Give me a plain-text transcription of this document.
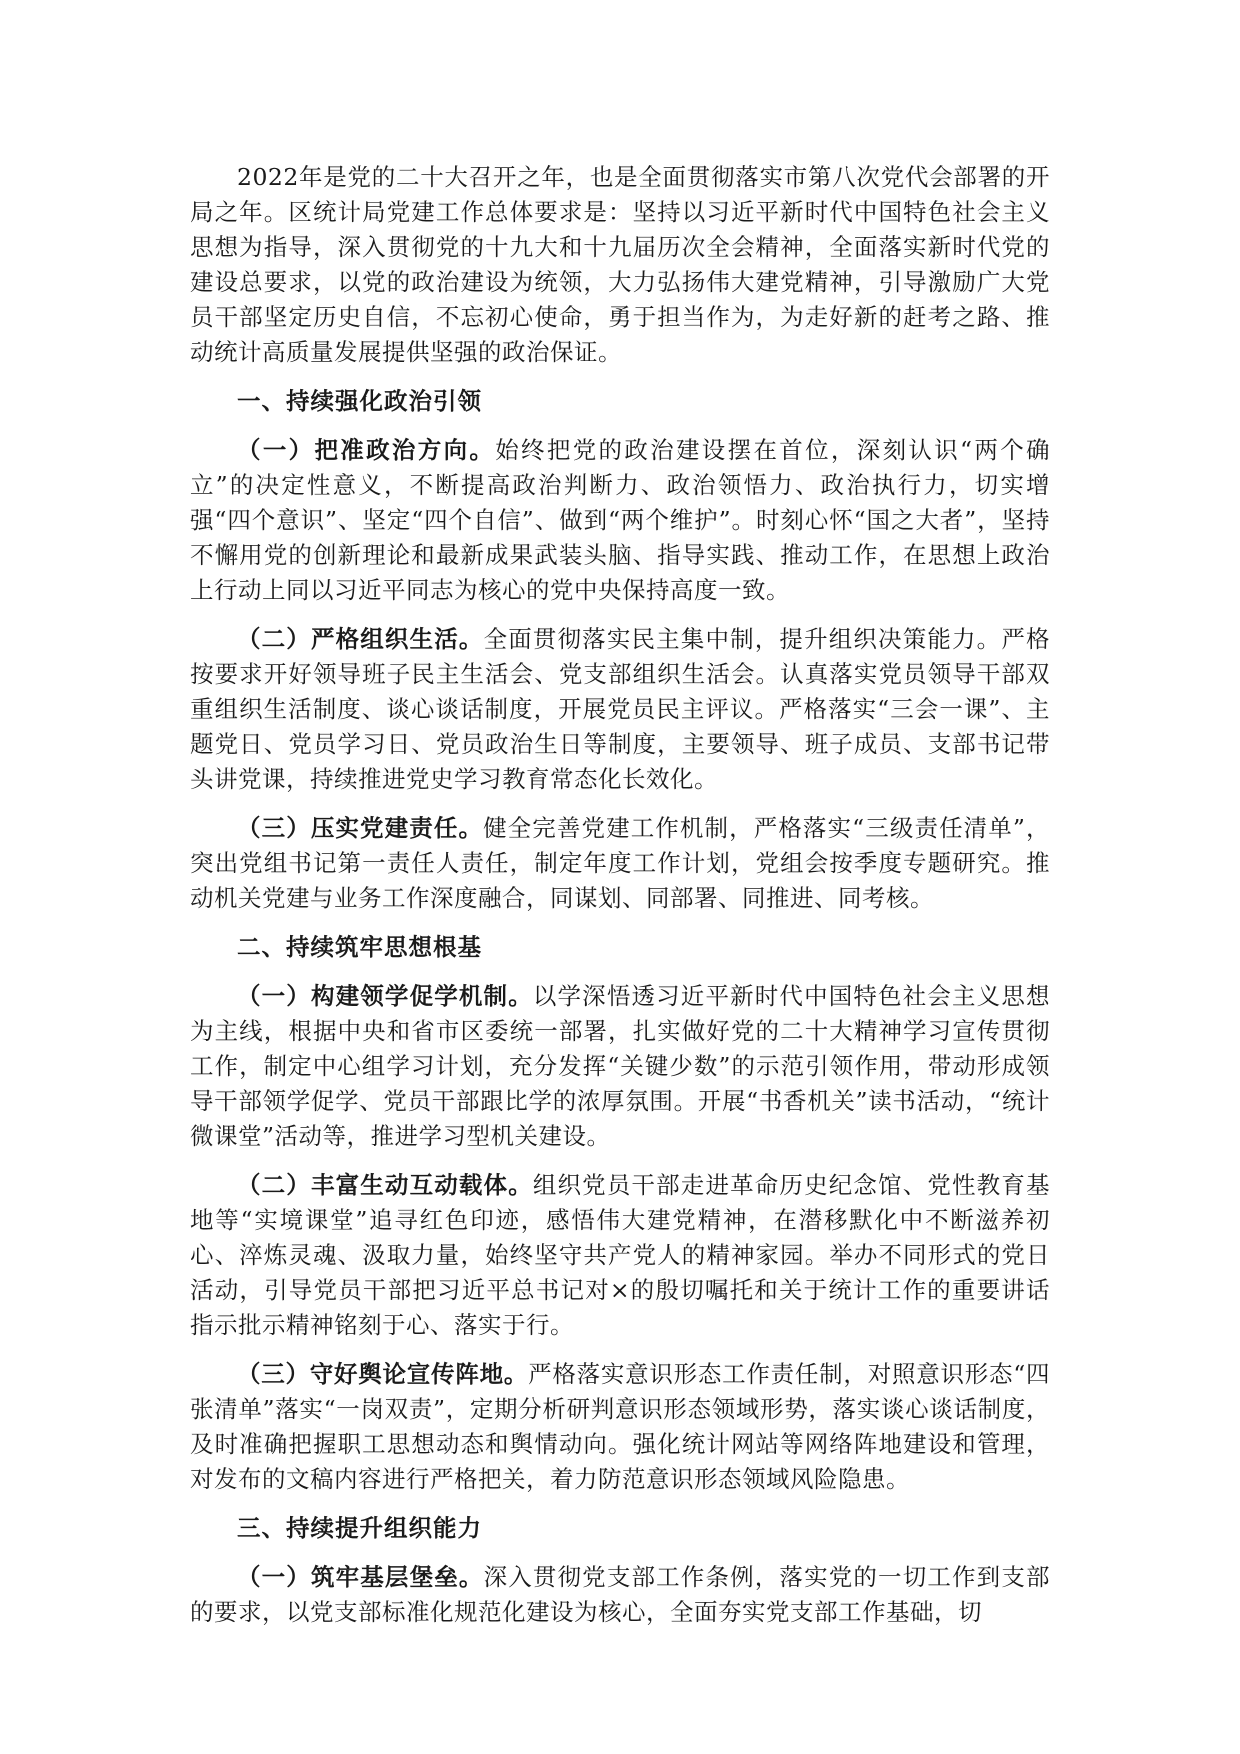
2022年是党的二十大召开之年，也是全面贯彻落实市第八次党代会部署的开局之年。区统计局党建工作总体要求是：坚持以习近平新时代中国特色社会主义思想为指导，深入贯彻党的十九大和十九届历次全会精神，全面落实新时代党的建设总要求，以党的政治建设为统领，大力弘扬伟大建党精神，引导激励广大党员干部坚定历史自信，不忘初心使命，勇于担当作为，为走好新的赶考之路、推动统计高质量发展提供坚强的政治保证。

一、持续强化政治引领

（一）把准政治方向。始终把党的政治建设摆在首位，深刻认识“两个确立”的决定性意义，不断提高政治判断力、政治领悟力、政治执行力，切实增强“四个意识”、坚定“四个自信”、做到“两个维护”。时刻心怀“国之大者”，坚持不懈用党的创新理论和最新成果武装头脑、指导实践、推动工作，在思想上政治上行动上同以习近平同志为核心的党中央保持高度一致。

（二）严格组织生活。全面贯彻落实民主集中制，提升组织决策能力。严格按要求开好领导班子民主生活会、党支部组织生活会。认真落实党员领导干部双重组织生活制度、谈心谈话制度，开展党员民主评议。严格落实“三会一课”、主题党日、党员学习日、党员政治生日等制度，主要领导、班子成员、支部书记带头讲党课，持续推进党史学习教育常态化长效化。

（三）压实党建责任。健全完善党建工作机制，严格落实“三级责任清单”，突出党组书记第一责任人责任，制定年度工作计划，党组会按季度专题研究。推动机关党建与业务工作深度融合，同谋划、同部署、同推进、同考核。

二、持续筑牢思想根基

（一）构建领学促学机制。以学深悟透习近平新时代中国特色社会主义思想为主线，根据中央和省市区委统一部署，扎实做好党的二十大精神学习宣传贯彻工作，制定中心组学习计划，充分发挥“关键少数”的示范引领作用，带动形成领导干部领学促学、党员干部跟比学的浓厚氛围。开展“书香机关”读书活动，“统计微课堂”活动等，推进学习型机关建设。

（二）丰富生动互动载体。组织党员干部走进革命历史纪念馆、党性教育基地等“实境课堂”追寻红色印迹，感悟伟大建党精神，在潜移默化中不断滋养初心、淬炼灵魂、汲取力量，始终坚守共产党人的精神家园。举办不同形式的党日活动，引导党员干部把习近平总书记对×的殷切嘱托和关于统计工作的重要讲话指示批示精神铭刻于心、落实于行。

（三）守好舆论宣传阵地。严格落实意识形态工作责任制，对照意识形态“四张清单”落实“一岗双责”，定期分析研判意识形态领域形势，落实谈心谈话制度，及时准确把握职工思想动态和舆情动向。强化统计网站等网络阵地建设和管理，对发布的文稿内容进行严格把关，着力防范意识形态领域风险隐患。

三、持续提升组织能力

（一）筑牢基层堡垒。深入贯彻党支部工作条例，落实党的一切工作到支部的要求，以党支部标准化规范化建设为核心，全面夯实党支部工作基础，切
